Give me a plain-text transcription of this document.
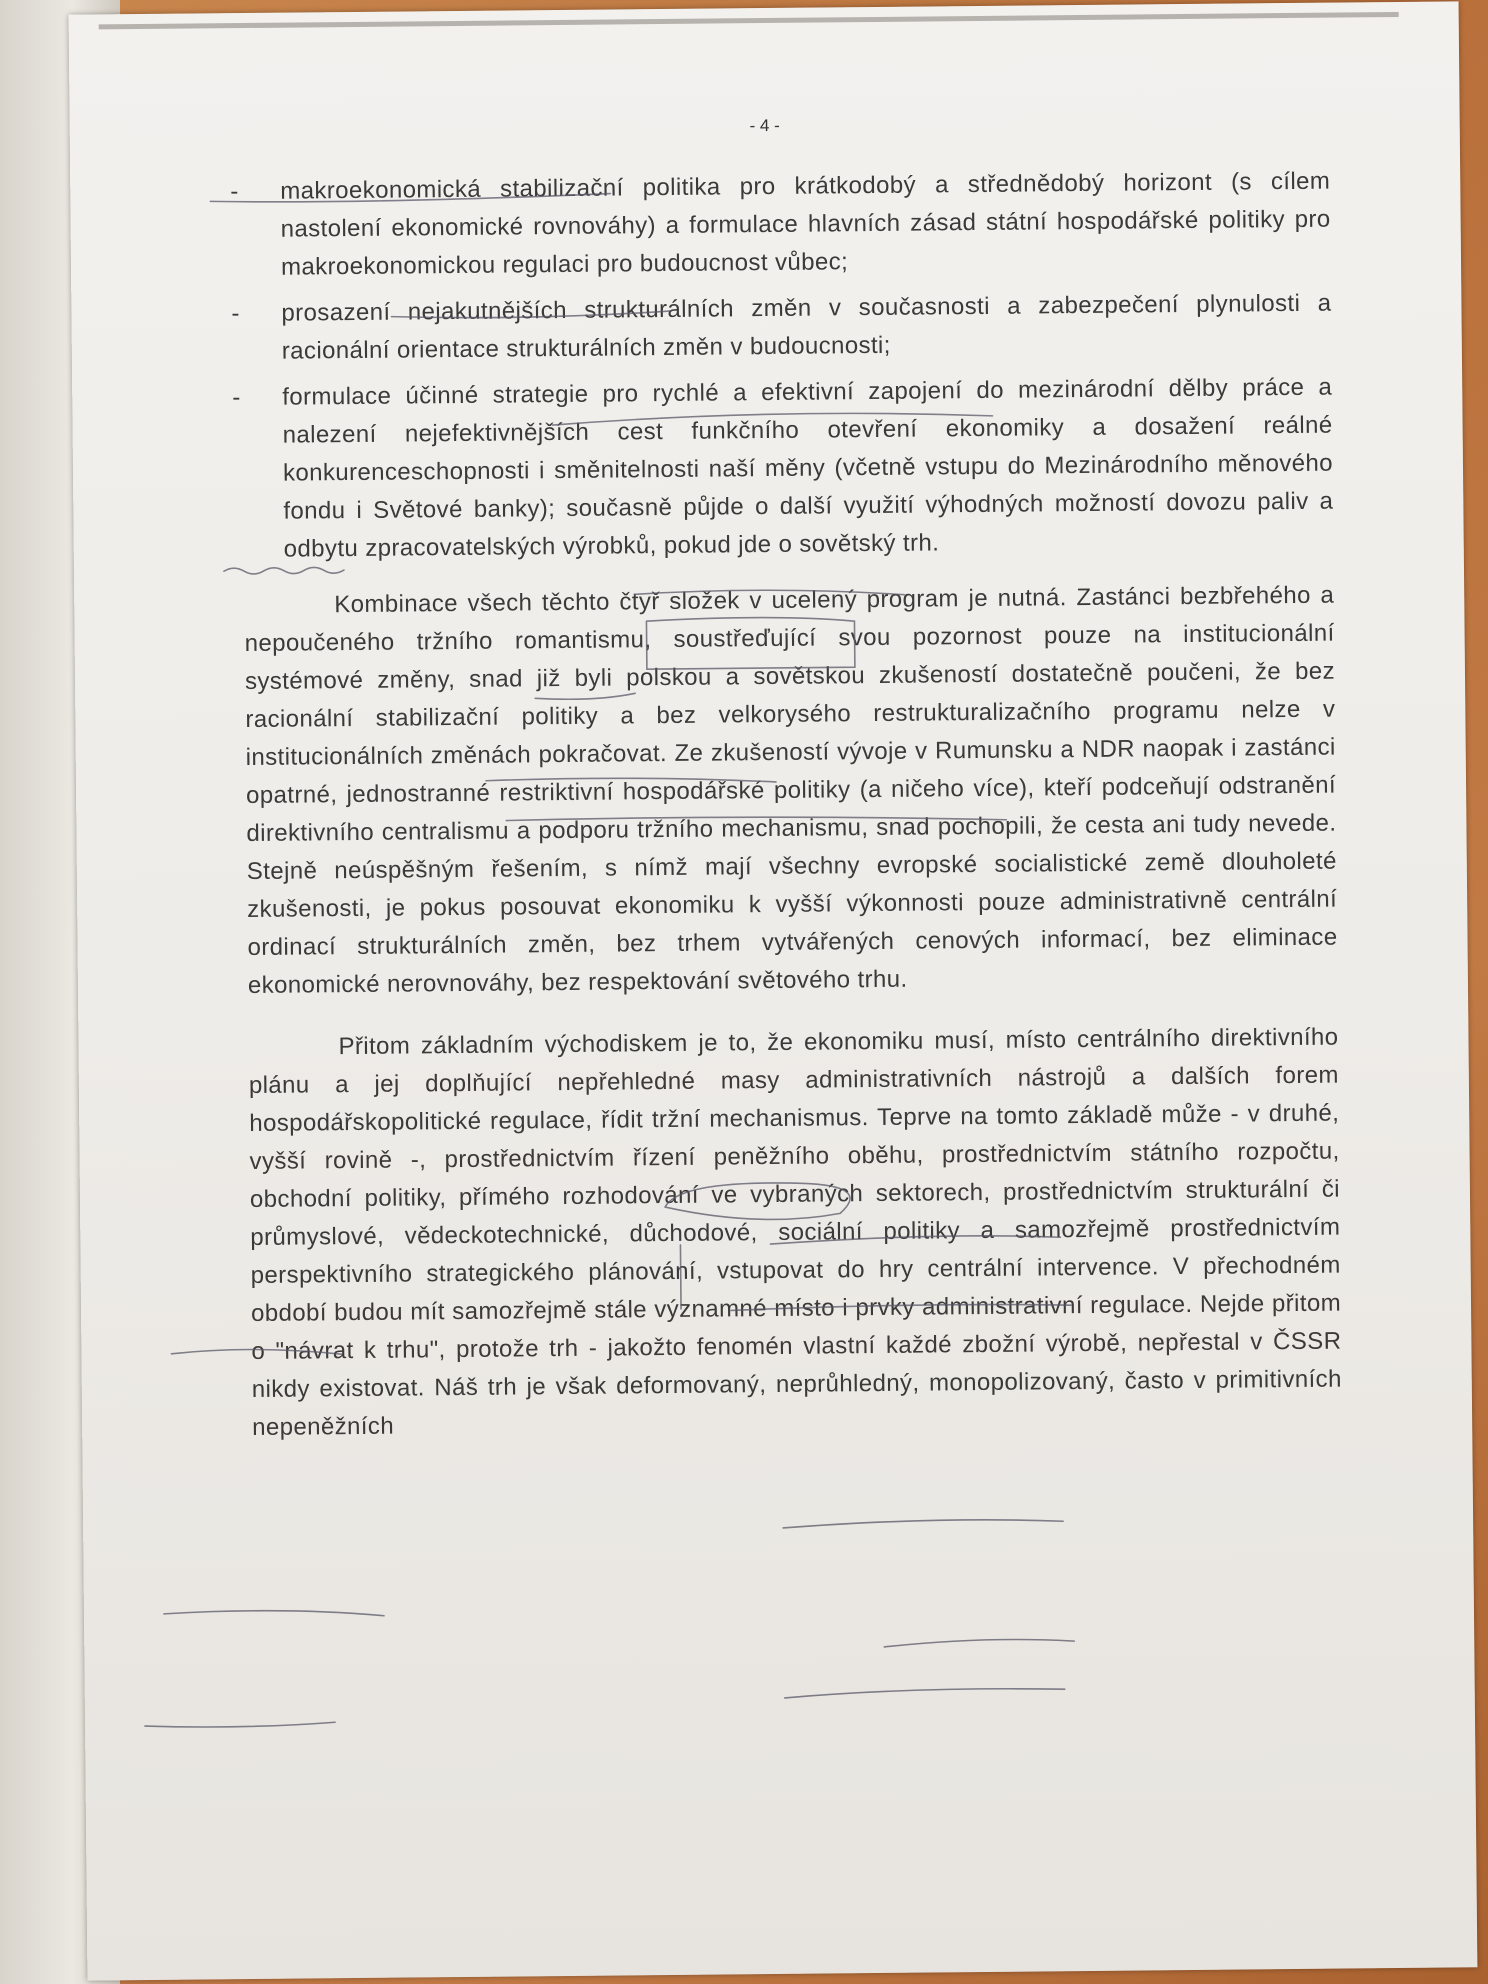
- 4 -
- makroekonomická stabilizační politika pro krátkodobý a střednědobý horizont (s cílem nastolení ekonomické rovnováhy) a formulace hlavních zásad státní hospodářské politiky pro makroekonomickou regulaci pro budoucnost vůbec;
- prosazení nejakutnějších strukturálních změn v současnosti a zabezpečení plynulosti a racionální orientace strukturálních změn v budoucnosti;
- formulace účinné strategie pro rychlé a efektivní zapojení do mezinárodní dělby práce a nalezení nejefektivnějších cest funkčního otevření ekonomiky a dosažení reálné konkurenceschopnosti i směnitelnosti naší měny (včetně vstupu do Mezinárodního měnového fondu i Světové banky); současně půjde o další využití výhodných možností dovozu paliv a odbytu zpracovatelských výrobků, pokud jde o sovětský trh.

Kombinace všech těchto čtyř složek v ucelený program je nutná. Zastánci bezbřehého a nepoučeného tržního romantismu, soustřeďující svou pozornost pouze na institucionální systémové změny, snad již byli polskou a sovětskou zkušeností dostatečně poučeni, že bez racionální stabilizační politiky a bez velkorysého restrukturalizačního programu nelze v institucionálních změnách pokračovat. Ze zkušeností vývoje v Rumunsku a NDR naopak i zastánci opatrné, jednostranné restriktivní hospodářské politiky (a ničeho více), kteří podceňují odstranění direktivního centralismu a podporu tržního mechanismu, snad pochopili, že cesta ani tudy nevede. Stejně neúspěšným řešením, s nímž mají všechny evropské socialistické země dlouholeté zkušenosti, je pokus posouvat ekonomiku k vyšší výkonnosti pouze administrativně centrální ordinací strukturálních změn, bez trhem vytvářených cenových informací, bez eliminace ekonomické nerovnováhy, bez respektování světového trhu.

Přitom základním východiskem je to, že ekonomiku musí, místo centrálního direktivního plánu a jej doplňující nepřehledné masy administrativních nástrojů a dalších forem hospodářskopolitické regulace, řídit tržní mechanismus. Teprve na tomto základě může - v druhé, vyšší rovině -, prostřednictvím řízení peněžního oběhu, prostřednictvím státního rozpočtu, obchodní politiky, přímého rozhodování ve vybraných sektorech, prostřednictvím strukturální či průmyslové, vědeckotechnické, důchodové, sociální politiky a samozřejmě prostřednictvím perspektivního strategického plánování, vstupovat do hry centrální intervence. V přechodném období budou mít samozřejmě stále významné místo i prvky administrativní regulace. Nejde přitom o "návrat k trhu", protože trh - jakožto fenomén vlastní každé zbožní výrobě, nepřestal v ČSSR nikdy existovat. Náš trh je však deformovaný, neprůhledný, monopolizovaný, často v primitivních nepeněžních
